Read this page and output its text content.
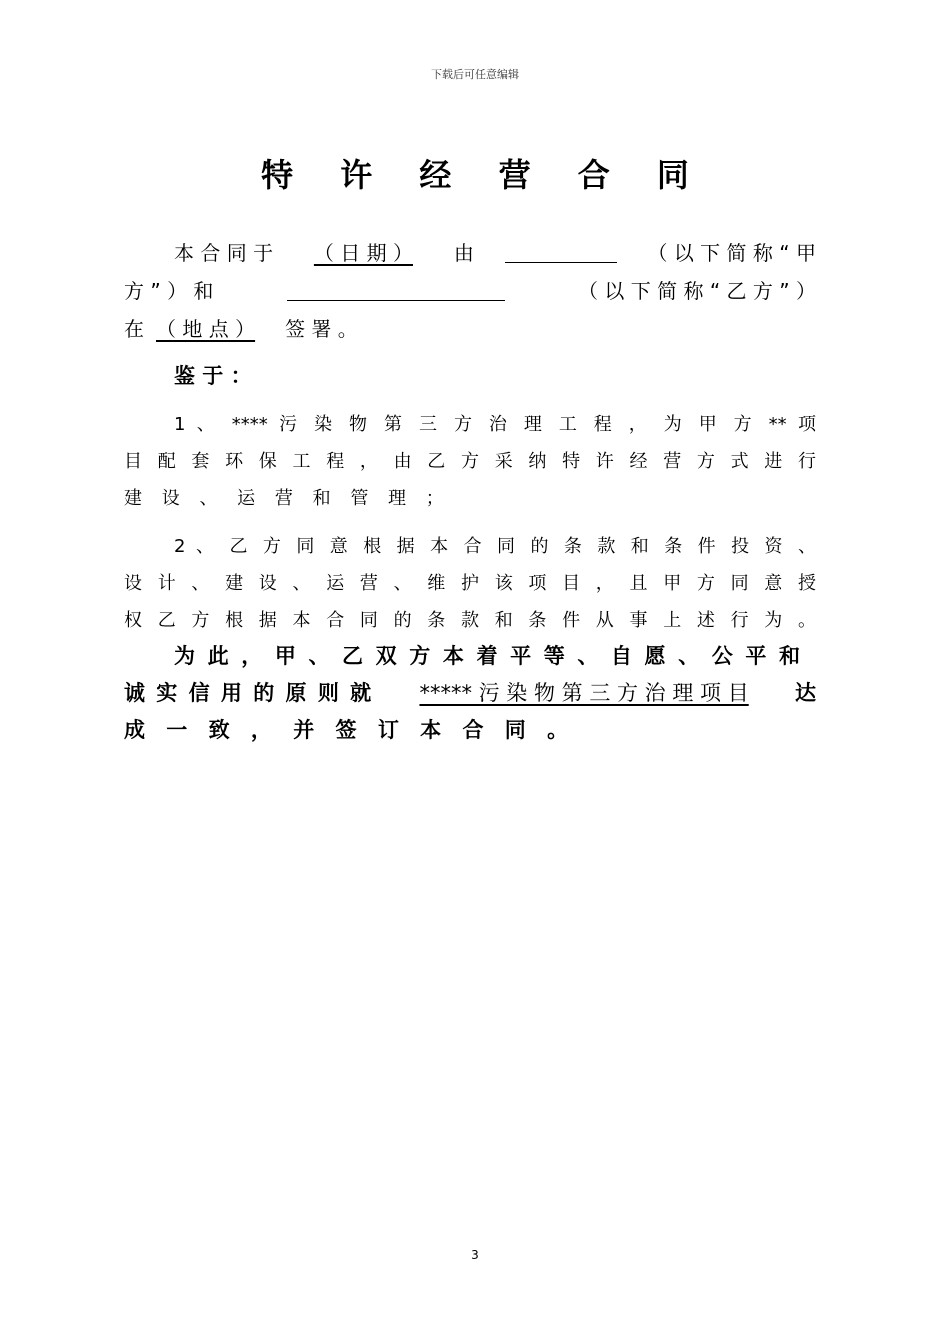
下载后可任意编辑
特 许 经 营 合 同
本 合 同 于	（ 日 期 ）	由	（ 以 下 简 称 “ 甲
方 ” ） 和	（ 以 下 简 称 “ 乙 方 ” ）
在 （ 地 点 ）	签 署 。
鉴 于 ：
1 、 **** 污 染 物 第 三 方 治 理 工 程 ， 为 甲 方 ** 项
目 配 套 环 保 工 程 ， 由 乙 方 采 纳 特 许 经 营 方 式 进 行
建 设 、 运 营 和 管 理 ；
2 、 乙 方 同 意 根 据 本 合 同 的 条 款 和 条 件 投 资 、
设 计 、 建 设 、 运 营 、 维 护 该 项 目 ， 且 甲 方 同 意 授
权 乙 方 根 据 本 合 同 的 条 款 和 条 件 从 事 上 述 行 为 。
为 此 ， 甲 、 乙 双 方 本 着 平 等 、 自 愿 、 公 平 和
诚 实 信 用 的 原 则 就 ***** 污 染 物 第 三 方 治 理 项 目 达
成 一 致 ， 并 签 订 本 合 同 。
3
